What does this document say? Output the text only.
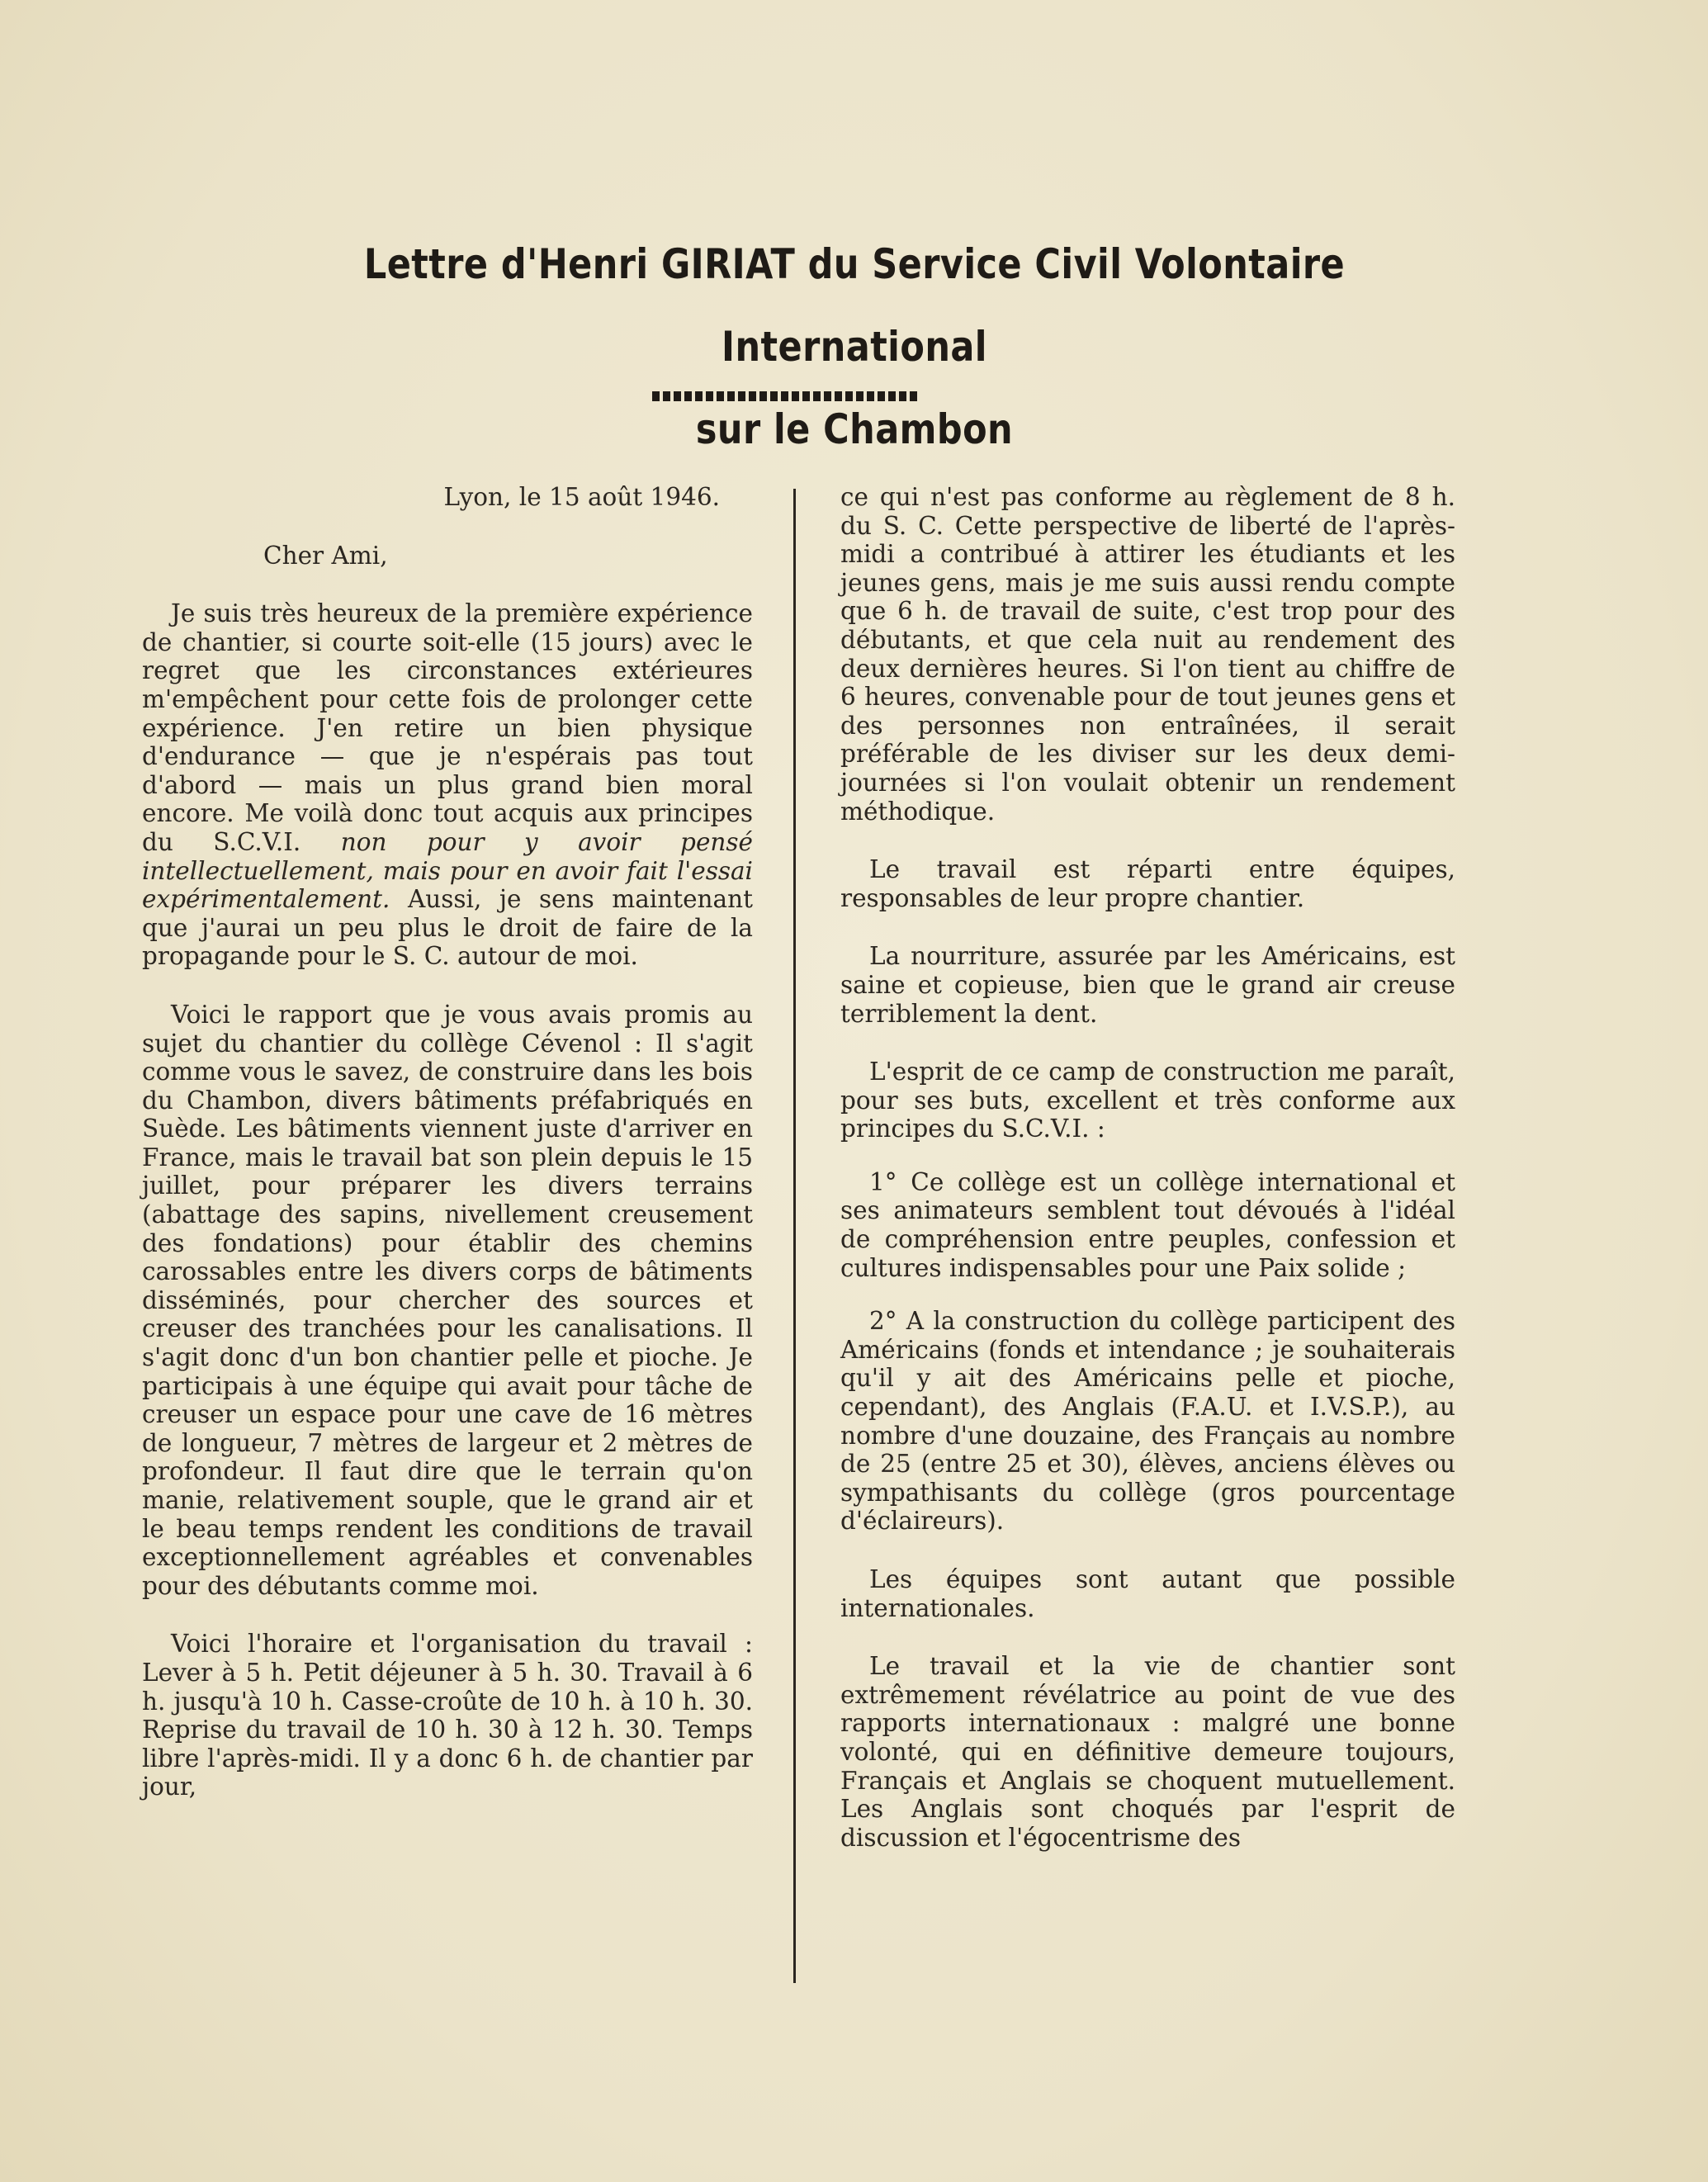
Lettre d'Henri GIRIAT du Service Civil Volontaire International
sur le Chambon

Lyon, le 15 août 1946.

Cher Ami,

Je suis très heureux de la première expérience de chantier, si courte soit-elle (15 jours) avec le regret que les circonstances extérieures m'empêchent pour cette fois de prolonger cette expérience. J'en retire un bien physique d'endurance — que je n'espérais pas tout d'abord — mais un plus grand bien moral encore. Me voilà donc tout acquis aux principes du S.C.V.I. non pour y avoir pensé intellectuellement, mais pour en avoir fait l'essai expérimentalement. Aussi, je sens maintenant que j'aurai un peu plus le droit de faire de la propagande pour le S. C. autour de moi.

Voici le rapport que je vous avais promis au sujet du chantier du collège Cévenol : Il s'agit comme vous le savez, de construire dans les bois du Chambon, divers bâtiments préfabriqués en Suède. Les bâtiments viennent juste d'arriver en France, mais le travail bat son plein depuis le 15 juillet, pour préparer les divers terrains (abattage des sapins, nivellement creusement des fondations) pour établir des chemins carossables entre les divers corps de bâtiments disséminés, pour chercher des sources et creuser des tranchées pour les canalisations. Il s'agit donc d'un bon chantier pelle et pioche. Je participais à une équipe qui avait pour tâche de creuser un espace pour une cave de 16 mètres de longueur, 7 mètres de largeur et 2 mètres de profondeur. Il faut dire que le terrain qu'on manie, relativement souple, que le grand air et le beau temps rendent les conditions de travail exceptionnellement agréables et convenables pour des débutants comme moi.

Voici l'horaire et l'organisation du travail : Lever à 5 h. Petit déjeuner à 5 h. 30. Travail à 6 h. jusqu'à 10 h. Casse-croûte de 10 h. à 10 h. 30. Reprise du travail de 10 h. 30 à 12 h. 30. Temps libre l'après-midi. Il y a donc 6 h. de chantier par jour,

ce qui n'est pas conforme au règlement de 8 h. du S. C. Cette perspective de liberté de l'après-midi a contribué à attirer les étudiants et les jeunes gens, mais je me suis aussi rendu compte que 6 h. de travail de suite, c'est trop pour des débutants, et que cela nuit au rendement des deux dernières heures. Si l'on tient au chiffre de 6 heures, convenable pour de tout jeunes gens et des personnes non entraînées, il serait préférable de les diviser sur les deux demi-journées si l'on voulait obtenir un rendement méthodique.

Le travail est réparti entre équipes, responsables de leur propre chantier.

La nourriture, assurée par les Américains, est saine et copieuse, bien que le grand air creuse terriblement la dent.

L'esprit de ce camp de construction me paraît, pour ses buts, excellent et très conforme aux principes du S.C.V.I. :

1° Ce collège est un collège international et ses animateurs semblent tout dévoués à l'idéal de compréhension entre peuples, confession et cultures indispensables pour une Paix solide ;

2° A la construction du collège participent des Américains (fonds et intendance ; je souhaiterais qu'il y ait des Américains pelle et pioche, cependant), des Anglais (F.A.U. et I.V.S.P.), au nombre d'une douzaine, des Français au nombre de 25 (entre 25 et 30), élèves, anciens élèves ou sympathisants du collège (gros pourcentage d'éclaireurs).

Les équipes sont autant que possible internationales.

Le travail et la vie de chantier sont extrêmement révélatrice au point de vue des rapports internationaux : malgré une bonne volonté, qui en définitive demeure toujours, Français et Anglais se choquent mutuellement. Les Anglais sont choqués par l'esprit de discussion et l'égocentrisme des
